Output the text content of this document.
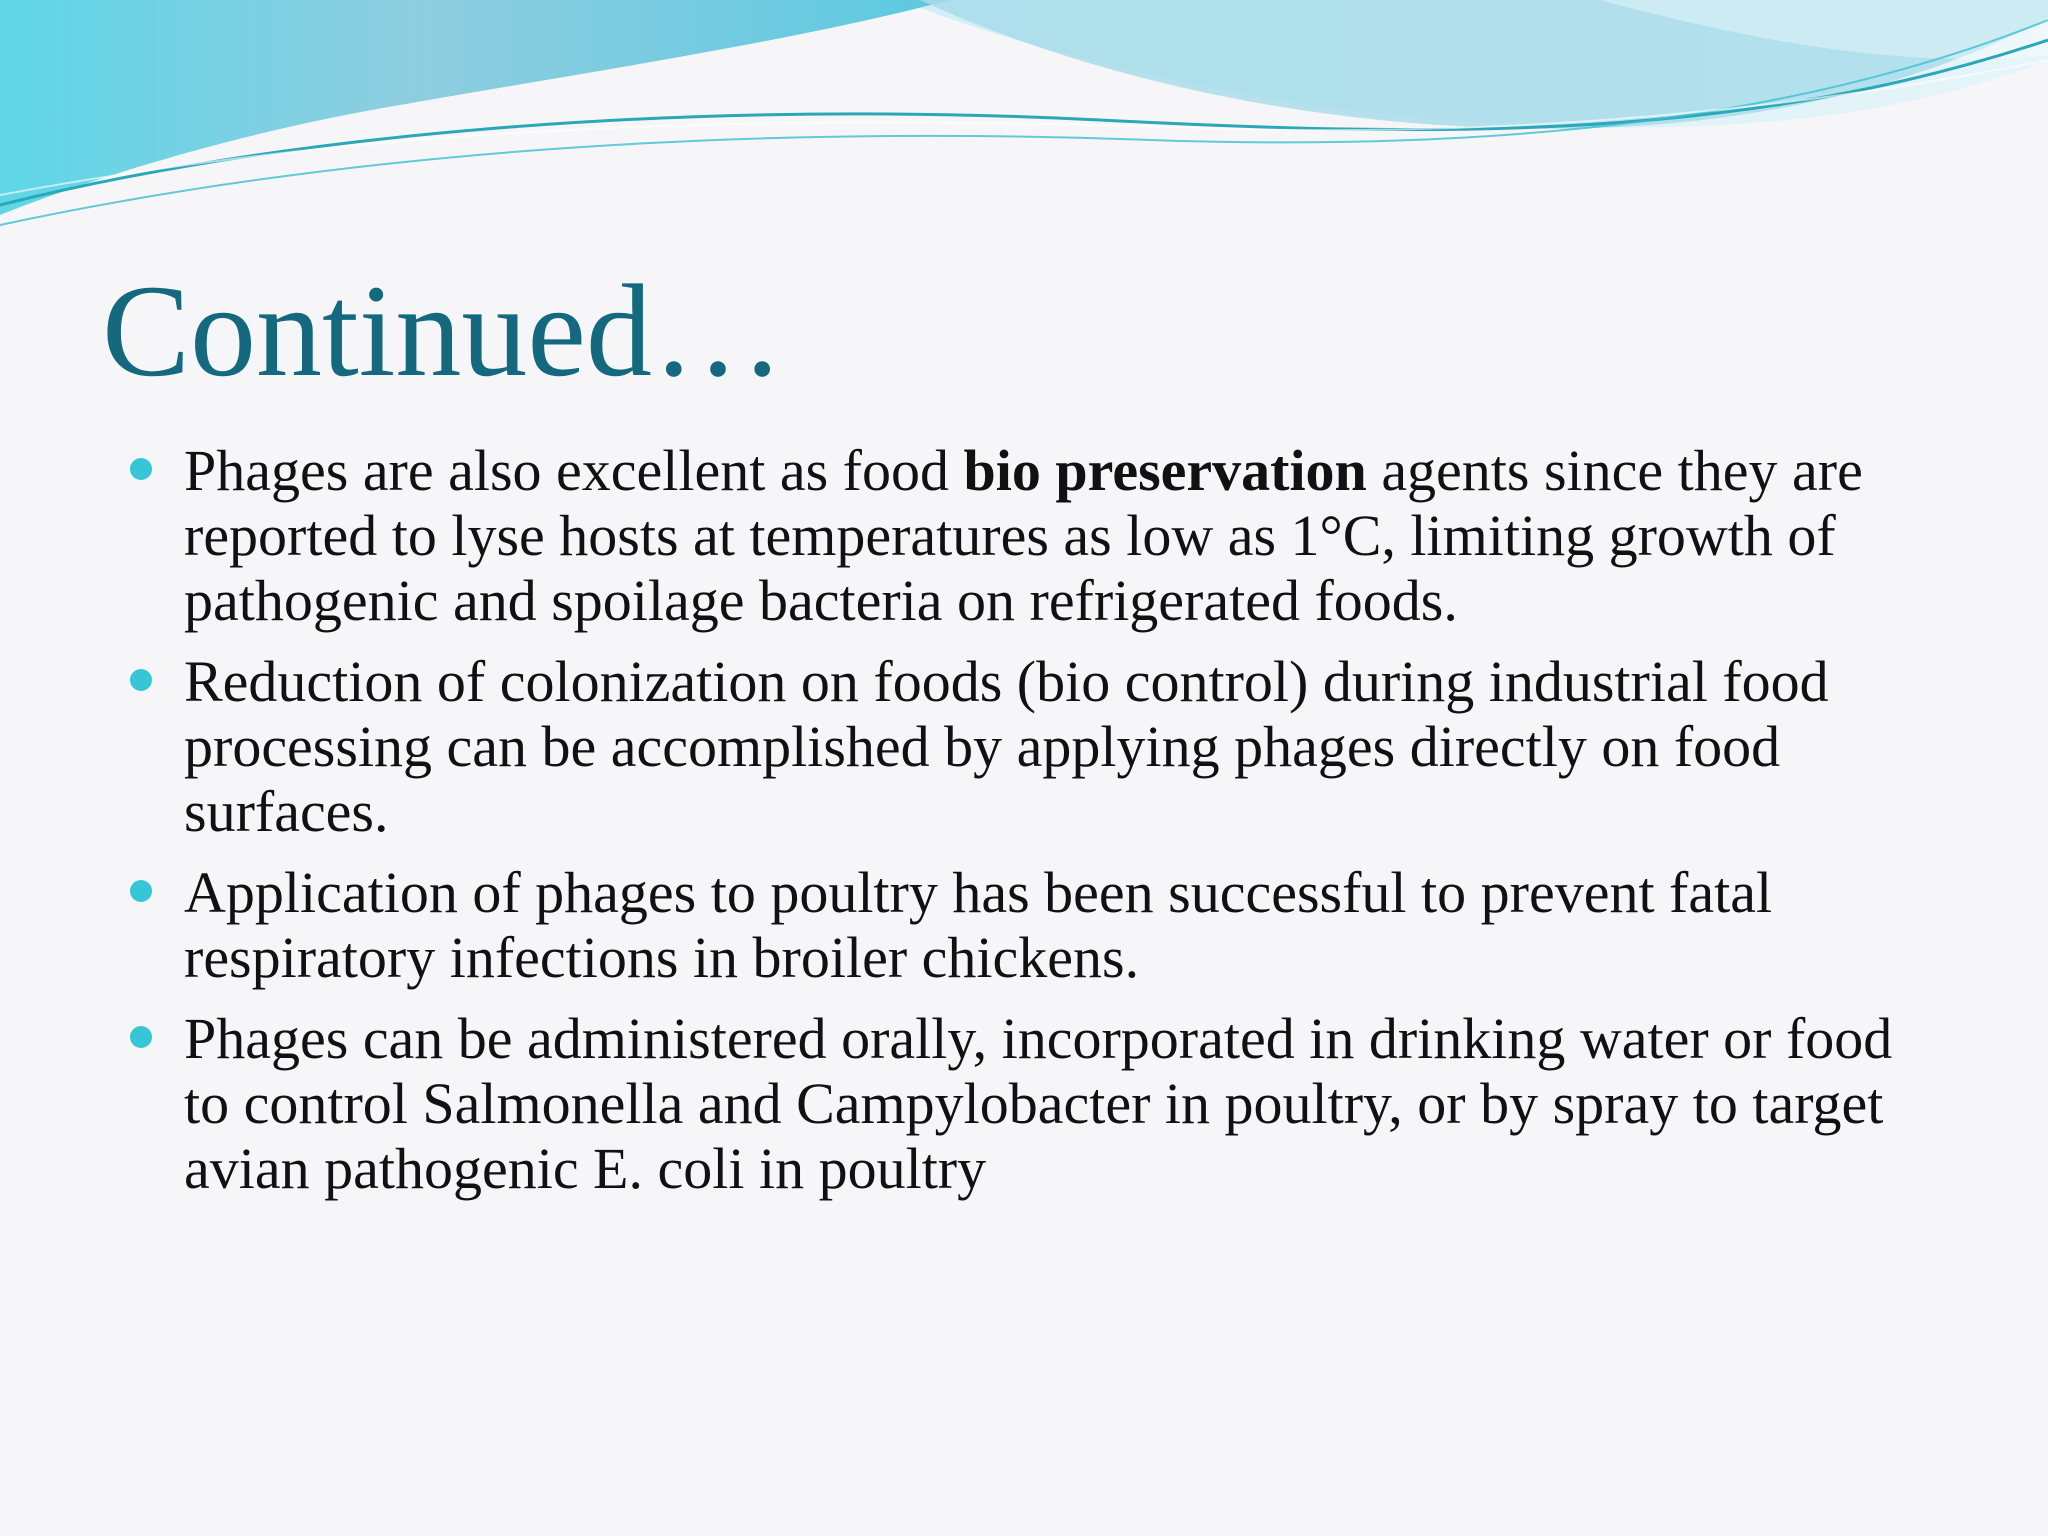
Continued…
Phages are also excellent as food bio preservation agents since they are reported to lyse hosts at temperatures as low as 1°C, limiting growth of pathogenic and spoilage bacteria on refrigerated foods.
Reduction of colonization on foods (bio control) during industrial food processing can be accomplished by applying phages directly on food surfaces.
Application of phages to poultry has been successful to prevent fatal respiratory infections in broiler chickens.
Phages can be administered orally, incorporated in drinking water or food to control Salmonella and Campylobacter in poultry, or by spray to target avian pathogenic E. coli in poultry
